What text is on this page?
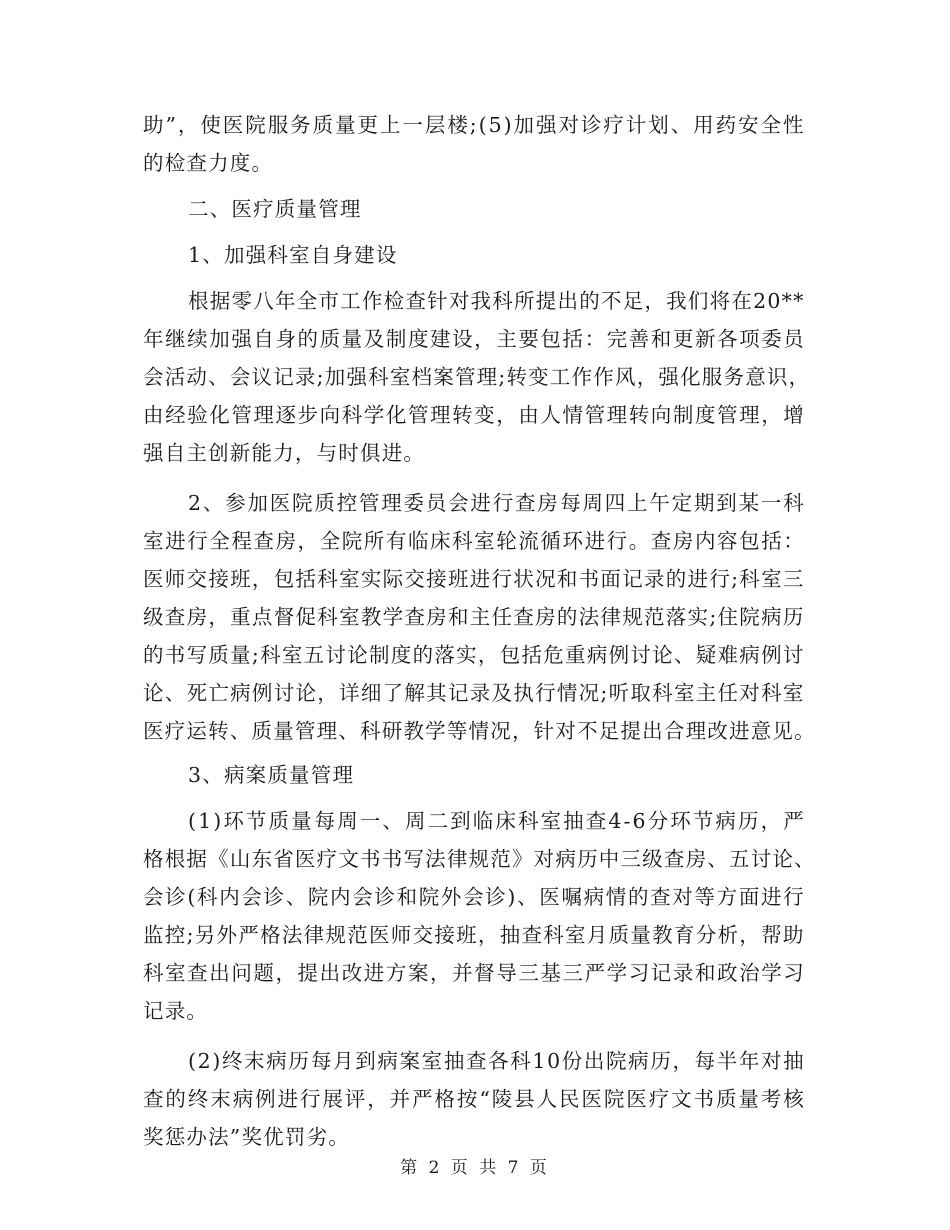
助 ” ， 使 医 院 服 务 质 量 更 上 一 层 楼 ; ( 5 ) 加 强 对 诊 疗 计 划 、 用 药 安 全 性
的检查力度。
二、医疗质量管理
1、加强科室自身建设
根 据 零 八 年 全 市 工 作 检 查 针 对 我 科 所 提 出 的 不 足 ， 我 们 将 在 2 0 * *
年 继 续 加 强 自 身 的 质 量 及 制 度 建 设 ， 主 要 包 括 ： 完 善 和 更 新 各 项 委 员
会 活 动 、 会 议 记 录 ; 加 强 科 室 档 案 管 理 ; 转 变 工 作 作 风 ， 强 化 服 务 意 识 ，
由 经 验 化 管 理 逐 步 向 科 学 化 管 理 转 变 ， 由 人 情 管 理 转 向 制 度 管 理 ， 增
强自主创新能力，与时俱进。
2 、 参 加 医 院 质 控 管 理 委 员 会 进 行 查 房 每 周 四 上 午 定 期 到 某 一 科
室 进 行 全 程 查 房 ， 全 院 所 有 临 床 科 室 轮 流 循 环 进 行 。 查 房 内 容 包 括 ：
医 师 交 接 班 ， 包 括 科 室 实 际 交 接 班 进 行 状 况 和 书 面 记 录 的 进 行 ; 科 室 三
级 查 房 ， 重 点 督 促 科 室 教 学 查 房 和 主 任 查 房 的 法 律 规 范 落 实 ; 住 院 病 历
的 书 写 质 量 ; 科 室 五 讨 论 制 度 的 落 实 ， 包 括 危 重 病 例 讨 论 、 疑 难 病 例 讨
论 、 死 亡 病 例 讨 论 ， 详 细 了 解 其 记 录 及 执 行 情 况 ; 听 取 科 室 主 任 对 科 室
医 疗 运 转 、 质 量 管 理 、 科 研 教 学 等 情 况 ， 针 对 不 足 提 出 合 理 改 进 意 见 。
3、病案质量管理
( 1 ) 环 节 质 量 每 周 一 、 周 二 到 临 床 科 室 抽 查 4 - 6 分 环 节 病 历 ， 严
格 根 据 《 山 东 省 医 疗 文 书 书 写 法 律 规 范 》 对 病 历 中 三 级 查 房 、 五 讨 论 、
会 诊 ( 科 内 会 诊 、 院 内 会 诊 和 院 外 会 诊 ) 、 医 嘱 病 情 的 查 对 等 方 面 进 行
监 控 ; 另 外 严 格 法 律 规 范 医 师 交 接 班 ， 抽 查 科 室 月 质 量 教 育 分 析 ， 帮 助
科 室 查 出 问 题 ， 提 出 改 进 方 案 ， 并 督 导 三 基 三 严 学 习 记 录 和 政 治 学 习
记录。
( 2 ) 终 末 病 历 每 月 到 病 案 室 抽 查 各 科 1 0 份 出 院 病 历 ， 每 半 年 对 抽
查 的 终 末 病 例 进 行 展 评 ， 并 严 格 按 “ 陵 县 人 民 医 院 医 疗 文 书 质 量 考 核
奖惩办法”奖优罚劣。
第 2 页 共 7 页
